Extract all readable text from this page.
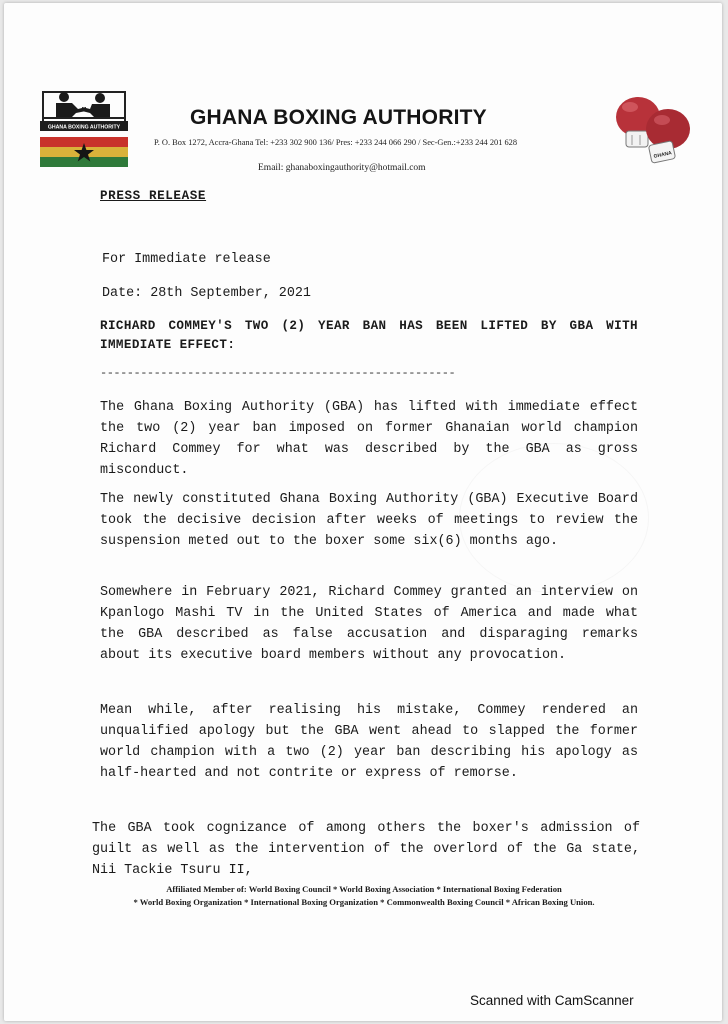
GHANA BOXING AUTHORITY	GHANA BOXING AUTHORITY
P. O. Box 1272, Accra-Ghana Tel: +233 302 900 136/ Pres: +233 244 066 290 / Sec-Gen.:+233 244 201 628
Email: ghanaboxingauthority@hotmail.com
GHANA
PRESS RELEASE
For Immediate release
Date: 28th September, 2021
RICHARD COMMEY'S TWO (2) YEAR BAN HAS BEEN LIFTED BY GBA WITH IMMEDIATE EFFECT:
-----------------------------------------------------
The Ghana Boxing Authority (GBA) has lifted with immediate effect the two (2) year ban imposed on former Ghanaian world champion Richard Commey for what was described by the GBA as gross misconduct.
The newly constituted Ghana Boxing Authority (GBA) Executive Board took the decisive decision after weeks of meetings to review the suspension meted out to the boxer some six(6) months ago.
Somewhere in February 2021, Richard Commey granted an interview on Kpanlogo Mashi TV in the United States of America and made what the GBA described as false accusation and disparaging remarks about its executive board members without any provocation.
Mean while, after realising his mistake, Commey rendered an unqualified apology but the GBA went ahead to slapped the former world champion with a two (2) year ban describing his apology as half-hearted and not contrite or express of remorse.
The GBA took cognizance of among others the boxer's admission of guilt as well as the intervention of the overlord of the Ga state, Nii Tackie Tsuru II,
Affiliated Member of: World Boxing Council * World Boxing Association * International Boxing Federation
* World Boxing Organization * International Boxing Organization * Commonwealth Boxing Council * African Boxing Union.
Scanned with CamScanner
